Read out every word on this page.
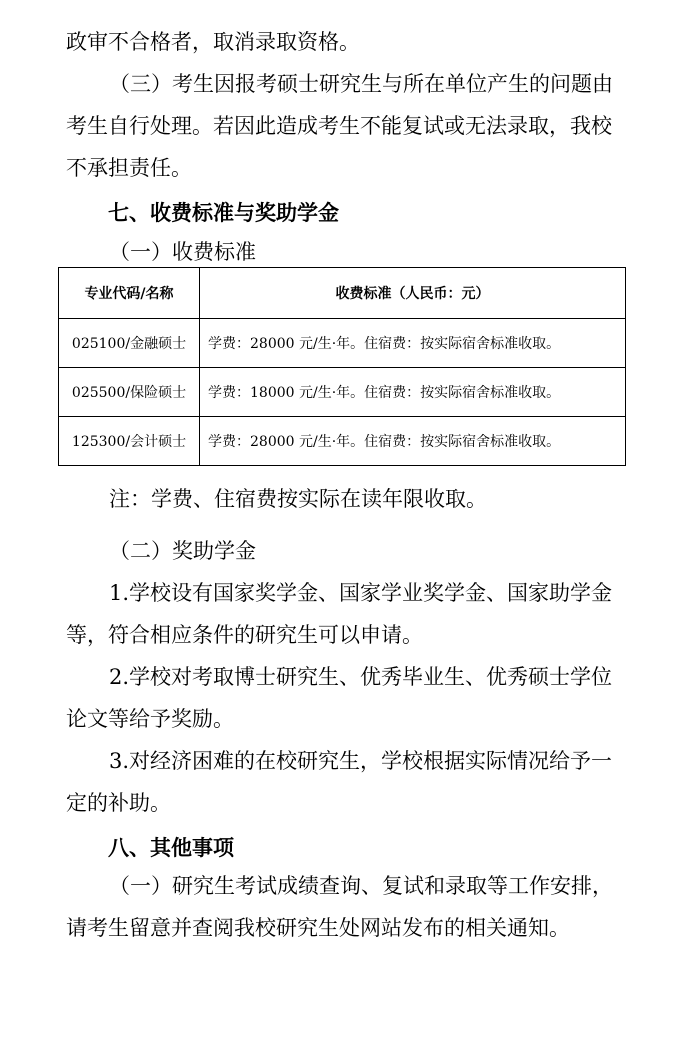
政审不合格者，取消录取资格。
（三）考生因报考硕士研究生与所在单位产生的问题由
考生自行处理。若因此造成考生不能复试或无法录取，我校
不承担责任。
七、收费标准与奖助学金
（一）收费标准
专业代码/名称	收费标准（人民币：元）
025100/金融硕士	学费：28000 元/生·年。住宿费：按实际宿舍标准收取。
025500/保险硕士	学费：18000 元/生·年。住宿费：按实际宿舍标准收取。
125300/会计硕士	学费：28000 元/生·年。住宿费：按实际宿舍标准收取。
注：学费、住宿费按实际在读年限收取。
（二）奖助学金
1.学校设有国家奖学金、国家学业奖学金、国家助学金
等，符合相应条件的研究生可以申请。
2.学校对考取博士研究生、优秀毕业生、优秀硕士学位
论文等给予奖励。
3.对经济困难的在校研究生，学校根据实际情况给予一
定的补助。
八、其他事项
（一）研究生考试成绩查询、复试和录取等工作安排，
请考生留意并查阅我校研究生处网站发布的相关通知。
